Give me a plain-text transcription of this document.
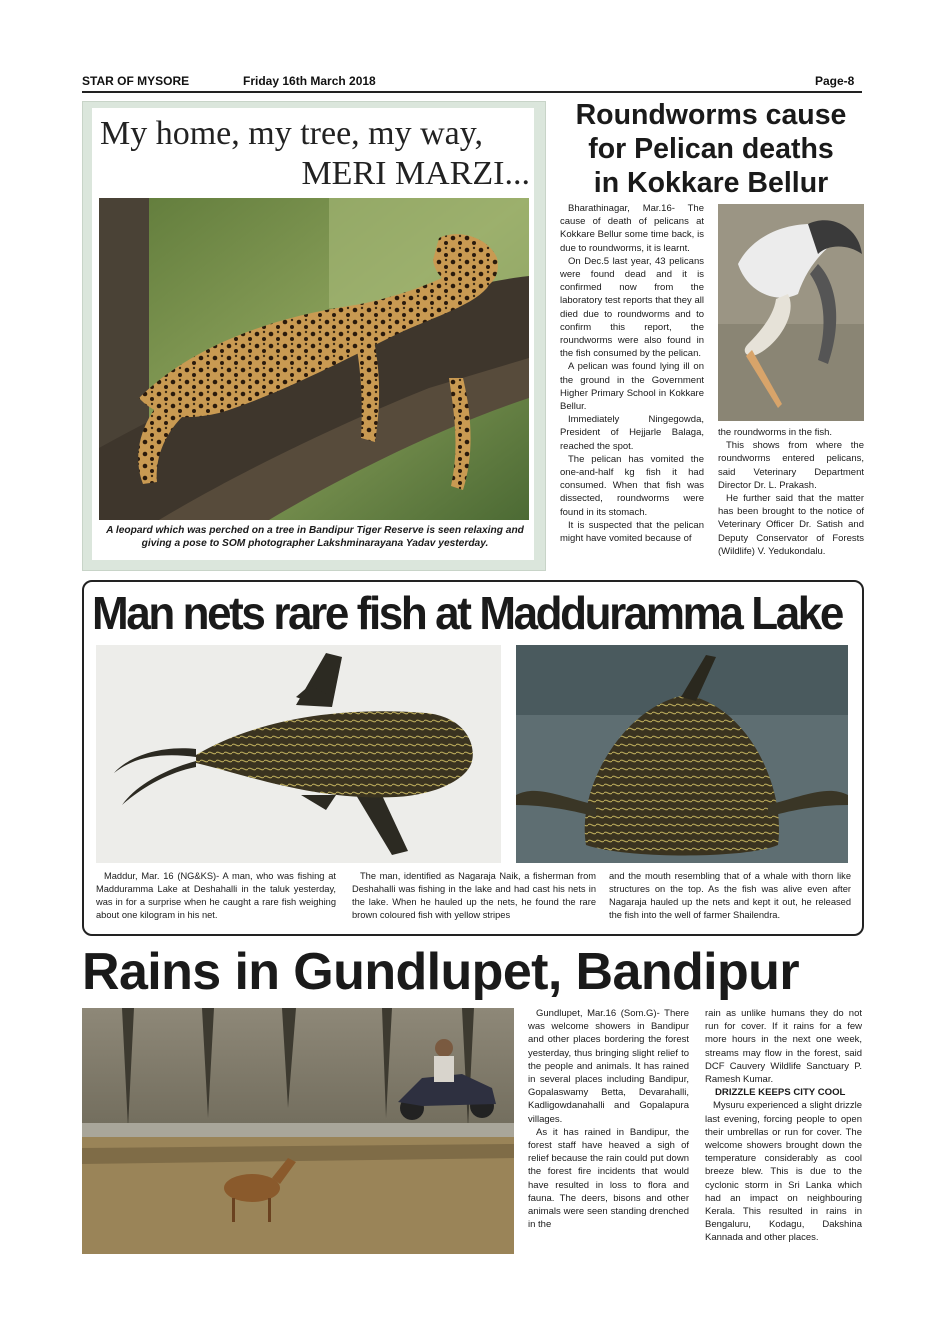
STAR OF MYSORE	Friday 16th March 2018	Page-8
My home, my tree, my way,
MERI MARZI...
A leopard which was perched on a tree in Bandipur Tiger Reserve is seen relaxing and giving a pose to SOM photographer Lakshminarayana Yadav yesterday.
Roundworms cause
for Pelican deaths
in Kokkare Bellur

Bharathinagar, Mar.16- The cause of death of pelicans at Kokkare Bellur some time back, is due to roundworms, it is learnt.

On Dec.5 last year, 43 pelicans were found dead and it is confirmed now from the laboratory test reports that they all died due to roundworms and to confirm this report, the roundworms were also found in the fish consumed by the pelican.

A pelican was found lying ill on the ground in the Government Higher Primary School in Kokkare Bellur.

Immediately Ningegowda, President of Hejjarle Balaga, reached the spot.

The pelican has vomited the one-and-half kg fish it had consumed. When that fish was dissected, roundworms were found in its stomach.

It is suspected that the pelican might have vomited because of

the roundworms in the fish.

This shows from where the roundworms entered pelicans, said Veterinary Department Director Dr. L. Prakash.

He further said that the matter has been brought to the notice of Veterinary Officer Dr. Satish and Deputy Conservator of Forests (Wildlife) V. Yedukondalu.

Man nets rare fish at Madduramma Lake
Maddur, Mar. 16 (NG&KS)- A man, who was fishing at Madduramma Lake at Deshahalli in the taluk yesterday, was in for a surprise when he caught a rare fish weighing about one kilogram in his net.
The man, identified as Nagaraja Naik, a fisherman from Deshahalli was fishing in the lake and had cast his nets in the lake. When he hauled up the nets, he found the rare brown coloured fish with yellow stripes
and the mouth resembling that of a whale with thorn like structures on the top. As the fish was alive even after Nagaraja hauled up the nets and kept it out, he released the fish into the well of farmer Shailendra.
Rains in Gundlupet, Bandipur

Gundlupet, Mar.16 (Som.G)- There was welcome showers in Bandipur and other places bordering the forest yesterday, thus bringing slight relief to the people and animals. It has rained in several places including Bandipur, Gopalaswamy Betta, Devarahalli, Kadligowdanahalli and Gopalapura villages.

As it has rained in Bandipur, the forest staff have heaved a sigh of relief because the rain could put down the forest fire incidents that would have resulted in loss to flora and fauna. The deers, bisons and other animals were seen standing drenched in the

rain as unlike humans they do not run for cover. If it rains for a few more hours in the next one week, streams may flow in the forest, said DCF Cauvery Wildlife Sanctuary P. Ramesh Kumar.

DRIZZLE KEEPS CITY COOL

Mysuru experienced a slight drizzle last evening, forcing people to open their umbrellas or run for cover. The welcome showers brought down the temperature considerably as cool breeze blew. This is due to the cyclonic storm in Sri Lanka which had an impact on neighbouring Kerala. This resulted in rains in Bengaluru, Kodagu, Dakshina Kannada and other places.
